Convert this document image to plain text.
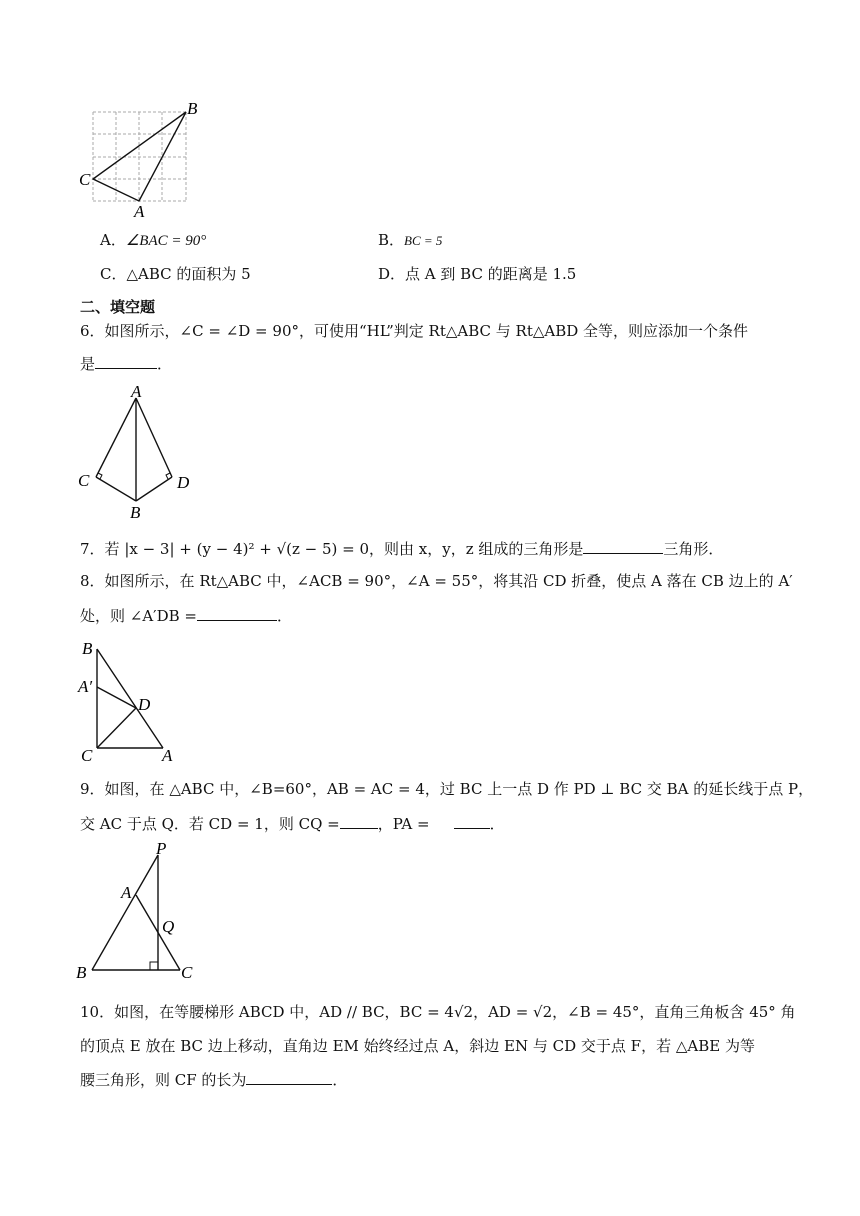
B
C
A
A．∠BAC = 90°	B．BC = 5
C．△ABC 的面积为 5	D．点 A 到 BC 的距离是 1.5
二、填空题
6．如图所示，∠C = ∠D = 90°，可使用“HL”判定 Rt△ABC 与 Rt△ABD 全等，则应添加一个条件
是	．
A
C	D
B
7．若 |x − 3| + (y − 4)² + √(z − 5) = 0，则由 x，y，z 组成的三角形是	三角形．
8．如图所示，在 Rt△ABC 中，∠ACB = 90°，∠A = 55°，将其沿 CD 折叠，使点 A 落在 CB 边上的 A′
处，则 ∠A′DB =	．
B
A′
D
C	A
9．如图，在 △ABC 中，∠B=60°，AB = AC = 4，过 BC 上一点 D 作 PD ⊥ BC 交 BA 的延长线于点 P，
交 AC 于点 Q．若 CD = 1，则 CQ =	，PA =	．
P
A
Q
B	C
10．如图，在等腰梯形 ABCD 中，AD // BC，BC = 4√2，AD = √2，∠B = 45°，直角三角板含 45° 角
的顶点 E 放在 BC 边上移动，直角边 EM 始终经过点 A，斜边 EN 与 CD 交于点 F，若 △ABE 为等
腰三角形，则 CF 的长为	．
